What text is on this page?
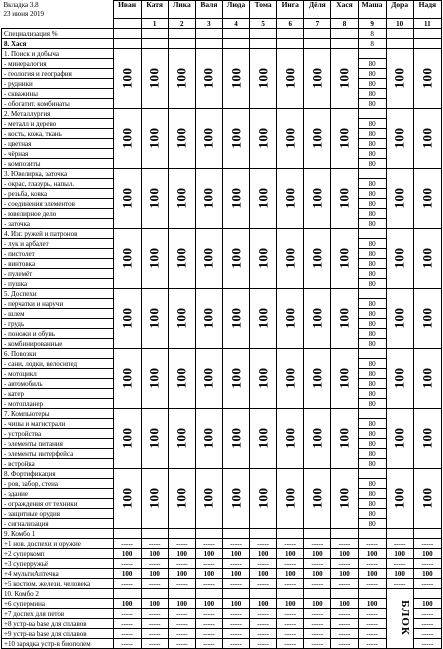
Вкладка 3.8	Иван	Катя	Лика	Валя	Люда	Тома	Инга	Дёля	Хася	Маша	Дора	Надя
23 июня 2019												
		1	2	3	4	5	6	7	8	9	10	11
Специализация %										8		
8. Хася										8		
1. Поиск и добыча	100	100	100	100	100	100	100	100	100		100	100
- минералогия										80		
- геология и география										80		
- рудники										80		
- скважины										80		
- обогатит. комбинаты										80		
2. Металлургия	100	100	100	100	100	100	100	100	100		100	100
- металл и дерево										80		
- кость, кожа, ткань										80		
- цветная										80		
- чёрная										80		
- композиты										80		
3. Ювелирка, заточка	100	100	100	100	100	100	100	100	100		100	100
- окрас, глазурь, напыл.										80		
- резьба, ковка										80		
- соединения элементов										80		
- ювелирное дело										80		
- заточка										80		
4. Изг. ружей и патронов	100	100	100	100	100	100	100	100	100		100	100
- лук и арбалет										80		
- пистолет										80		
- винтовка										80		
- пулемёт										80		
- пушка										80		
5. Доспехи	100	100	100	100	100	100	100	100	100		100	100
- перчатки и наручи										80		
- шлем										80		
- грудь										80		
- поножи и обувь										80		
- комбинированные										80		
6. Повозки	100	100	100	100	100	100	100	100	100		100	100
- сани, лодки, велосипед										80		
- мотоцикл										80		
- автомобиль										80		
- катер										80		
- мотопланер										80		
7. Компьютеры	100	100	100	100	100	100	100	100	100		100	100
- чипы и магистрали										80		
- устройства										80		
- элементы питания										80		
- элементы интерфейса										80		
- встройка										80		
8. Фортификация	100	100	100	100	100	100	100	100	100		100	100
- ров, забор, стена										80		
- здание										80		
- ограждения от техники										80		
- защитные орудия										80		
- сигнализация										80		
9. Комбо 1												
+1 нов. доспехи и оружие	-----	-----	-----	-----	-----	-----	-----	-----	-----	-----	-----	-----
+2 суперкомп	100	100	100	100	100	100	100	100	100	100	100	100
+3 суперружьё	-----	-----	-----	-----	-----	-----	-----	-----	-----	-----	-----	-----
+4 мультиАптечка	100	100	100	100	100	100	100	100	100	100	100	100
+5 костюм. желези. человека	-----	-----	-----	-----	-----	-----	-----	-----	-----	-----	-----	-----
10. Комбо 2											БЛОК	
+6 супермина	100	100	100	100	100	100	100	100	100	100		100
+7 доспех для петов	-----	-----	-----	-----	-----	-----	-----	-----	-----	-----		-----
+8 устр-ва base для сплавов	-----	-----	-----	-----	-----	-----	-----	-----	-----	-----		-----
+9 устр-ва base для сплавов	-----	-----	-----	-----	-----	-----	-----	-----	-----	-----		-----
+10 зарядка устр-в биополем	-----	-----	-----	-----	-----	-----	-----	-----	-----	-----		-----
